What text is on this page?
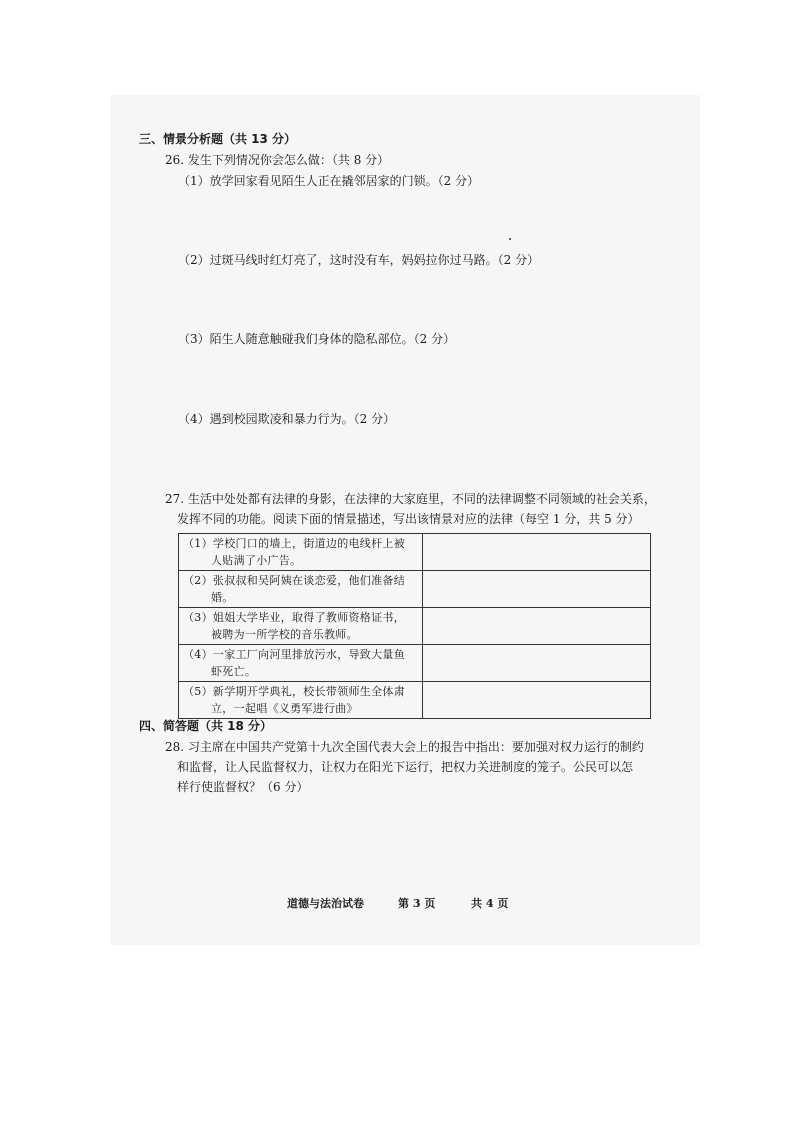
三、情景分析题（共 13 分）
26. 发生下列情况你会怎么做：（共 8 分）
（1）放学回家看见陌生人正在撬邻居家的门锁。（2 分）
（2）过斑马线时红灯亮了，这时没有车，妈妈拉你过马路。（2 分）
（3）陌生人随意触碰我们身体的隐私部位。（2 分）
（4）遇到校园欺凌和暴力行为。（2 分）
27. 生活中处处都有法律的身影，在法律的大家庭里，不同的法律调整不同领域的社会关系，
发挥不同的功能。阅读下面的情景描述，写出该情景对应的法律（每空 1 分，共 5 分）
（1）学校门口的墙上，街道边的电线杆上被
人贴满了小广告。	

（2）张叔叔和吴阿姨在谈恋爱，他们准备结
婚。	

（3）姐姐大学毕业，取得了教师资格证书，
被聘为一所学校的音乐教师。	

（4）一家工厂向河里排放污水，导致大量鱼
虾死亡。	

（5）新学期开学典礼，校长带领师生全体肃
立，一起唱《义勇军进行曲》	

四、简答题（共 18 分）
28. 习主席在中国共产党第十九次全国代表大会上的报告中指出：要加强对权力运行的制约
和监督，让人民监督权力，让权力在阳光下运行，把权力关进制度的笼子。公民可以怎
样行使监督权？（6 分）
道德与法治试卷	第 3 页	共 4 页
